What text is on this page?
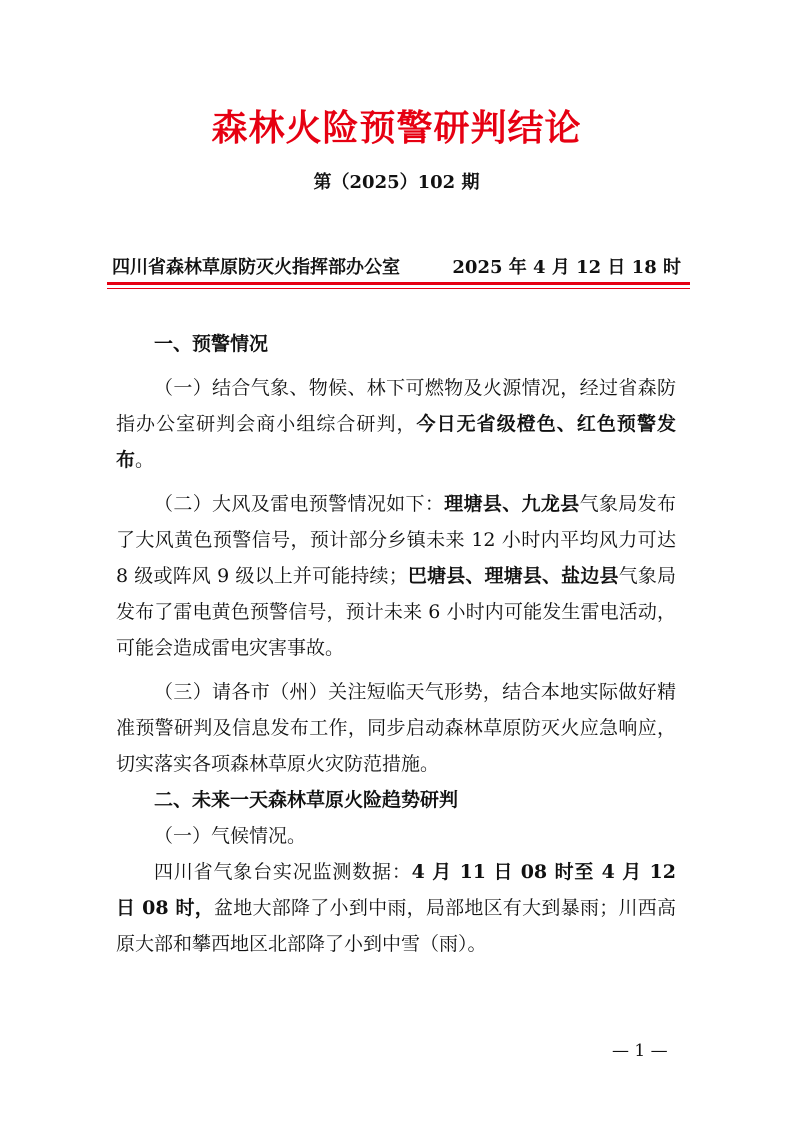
森林火险预警研判结论
第（2025）102 期
四川省森林草原防灭火指挥部办公室	2025 年 4 月 12 日 18 时

一、预警情况

（一）结合气象、物候、林下可燃物及火源情况，经过省森防指办公室研判会商小组综合研判，今日无省级橙色、红色预警发布。

（二）大风及雷电预警情况如下：理塘县、九龙县气象局发布了大风黄色预警信号，预计部分乡镇未来 12 小时内平均风力可达 8 级或阵风 9 级以上并可能持续；巴塘县、理塘县、盐边县气象局发布了雷电黄色预警信号，预计未来 6 小时内可能发生雷电活动，可能会造成雷电灾害事故。

（三）请各市（州）关注短临天气形势，结合本地实际做好精准预警研判及信息发布工作，同步启动森林草原防灭火应急响应，切实落实各项森林草原火灾防范措施。

二、未来一天森林草原火险趋势研判

（一）气候情况。

四川省气象台实况监测数据：4 月 11 日 08 时至 4 月 12 日 08 时，盆地大部降了小到中雨，局部地区有大到暴雨；川西高原大部和攀西地区北部降了小到中雪（雨）。

— 1 —
